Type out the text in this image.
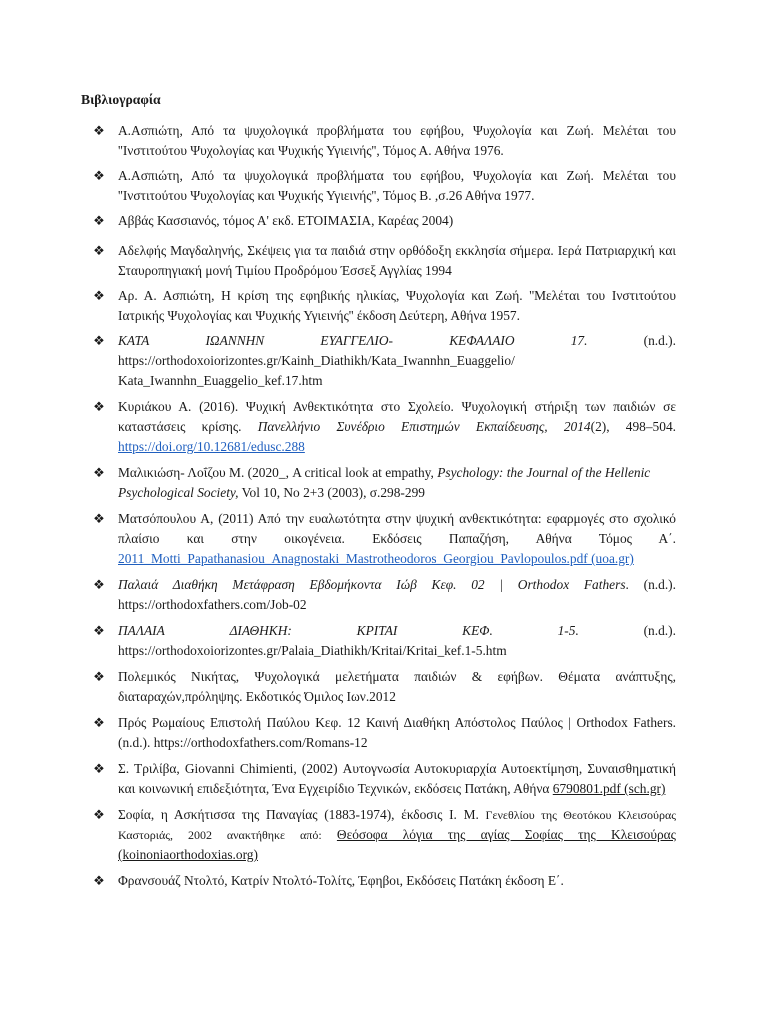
Βιβλιογραφία
❖ Α.Ασπιώτη, Από τα ψυχολογικά προβλήματα του εφήβου, Ψυχολογία και Ζωή. Μελέται του ''Ινστιτούτου Ψυχολογίας και Ψυχικής Υγιεινής'', Τόμος Α. Αθήνα 1976.
❖ Α.Ασπιώτη, Από τα ψυχολογικά προβλήματα του εφήβου, Ψυχολογία και Ζωή. Μελέται του ''Ινστιτούτου Ψυχολογίας και Ψυχικής Υγιεινής'', Τόμος Β. ,σ.26 Αθήνα 1977.
❖ Αββάς Κασσιανός, τόμος Α' εκδ. ΕΤΟΙΜΑΣΙΑ, Καρέας 2004)
❖ Αδελφής Μαγδαληνής, Σκέψεις για τα παιδιά στην ορθόδοξη εκκλησία σήμερα. Ιερά Πατριαρχική και Σταυροπηγιακή μονή Τιμίου Προδρόμου Έσσεξ Αγγλίας 1994
❖ Αρ. Α. Ασπιώτη, Η κρίση της εφηβικής ηλικίας, Ψυχολογία και Ζωή. ''Μελέται του Ινστιτούτου Ιατρικής Ψυχολογίας και Ψυχικής Υγιεινής'' έκδοση Δεύτερη, Αθήνα 1957.
❖ ΚΑΤΑ	ΙΩΑΝΝΗΝ	ΕΥΑΓΓΕΛΙΟ-	ΚΕΦΑΛΑΙΟ	17.	(n.d.).
https://orthodoxoiorizontes.gr/Kainh_Diathikh/Kata_Iwannhn_Euaggelio/ Kata_Iwannhn_Euaggelio_kef.17.htm
❖ Κυριάκου Α. (2016). Ψυχική Ανθεκτικότητα στο Σχολείο. Ψυχολογική στήριξη των παιδιών σε καταστάσεις κρίσης. Πανελλήνιο Συνέδριο Επιστημών Εκπαίδευσης, 2014(2), 498–504. https://doi.org/10.12681/edusc.288
❖ Μαλικιώση- Λοΐζου Μ. (2020_, A critical look at empathy, Psychology: the Journal of the Hellenic Psychological Society, Vol 10, No 2+3 (2003), σ.298-299
❖ Ματσόπουλου Α, (2011) Από την ευαλωτότητα στην ψυχική ανθεκτικότητα: εφαρμογές στο σχολικό πλαίσιο και στην οικογένεια. Εκδόσεις Παπαζήση, Αθήνα Τόμος Α΄. 2011_Motti_Papathanasiou_Anagnostaki_Mastrotheodoros_Georgiou_Pavlopoulos.pdf (uoa.gr)
❖ Παλαιά Διαθήκη Μετάφραση Εβδομήκοντα Ιώβ Κεφ. 02 | Orthodox Fathers. (n.d.). https://orthodoxfathers.com/Job-02
❖ ΠΑΛΑΙΑ	ΔΙΑΘΗΚΗ:	ΚΡΙΤΑΙ	ΚΕΦ.	1-5.	(n.d.).
https://orthodoxoiorizontes.gr/Palaia_Diathikh/Kritai/Kritai_kef.1-5.htm
❖ Πολεμικός Νικήτας, Ψυχολογικά μελετήματα παιδιών & εφήβων. Θέματα ανάπτυξης, διαταραχών,πρόληψης. Εκδοτικός Όμιλος Ιων.2012
❖ Πρός Ρωμαίους Επιστολή Παύλου Κεφ. 12 Καινή Διαθήκη Απόστολος Παύλος | Orthodox Fathers. (n.d.). https://orthodoxfathers.com/Romans-12
❖ Σ. Τριλίβα, Giovanni Chimienti, (2002) Αυτογνωσία Αυτοκυριαρχία Αυτοεκτίμηση, Συναισθηματική και κοινωνική επιδεξιότητα, Ένα Εγχειρίδιο Τεχνικών, εκδόσεις Πατάκη, Αθήνα 6790801.pdf (sch.gr)
❖ Σοφία, η Ασκήτισσα της Παναγίας (1883-1974), έκδοσις Ι. Μ. Γενεθλίου της Θεοτόκου Κλεισούρας Καστοριάς, 2002 ανακτήθηκε από: Θεόσοφα λόγια της αγίας Σοφίας της Κλεισούρας (koinoniaorthodoxias.org)
❖ Φρανσουάζ Ντολτό, Κατρίν Ντολτό-Τολίτς, Έφηβοι, Εκδόσεις Πατάκη έκδοση Ε΄.
